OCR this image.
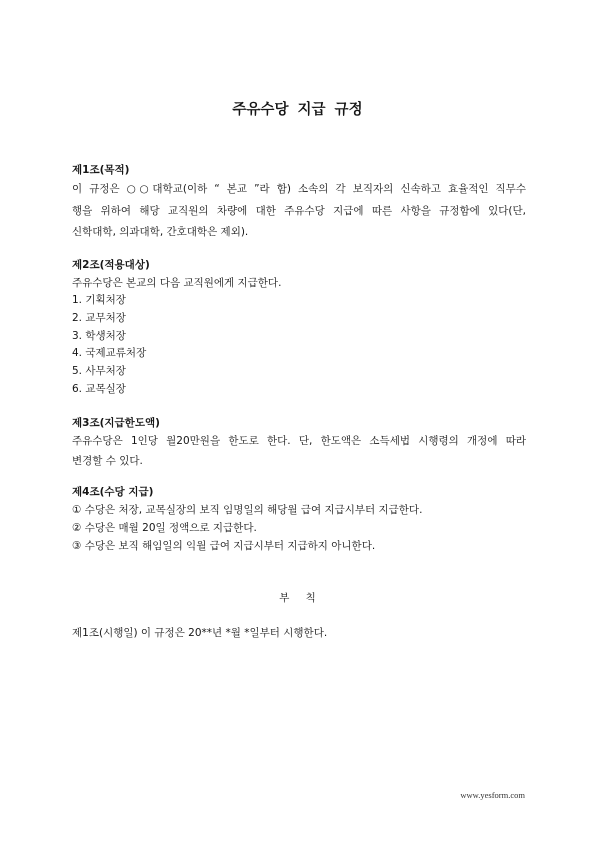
주유수당 지급 규정
제1조(목적)
이 규정은 ○○대학교(이하 “ 본교 ”라 함) 소속의 각 보직자의 신속하고 효율적인 직무수
행을 위하여 해당 교직원의 차량에 대한 주유수당 지급에 따른 사항을 규정함에 있다(단,
신학대학, 의과대학, 간호대학은 제외).
제2조(적용대상)
주유수당은 본교의 다음 교직원에게 지급한다.
1. 기획처장
2. 교무처장
3. 학생처장
4. 국제교류처장
5. 사무처장
6. 교목실장
제3조(지급한도액)
주유수당은 1인당 월20만원을 한도로 한다. 단, 한도액은 소득세법 시행령의 개정에 따라
변경할 수 있다.
제4조(수당 지급)
① 수당은 처장, 교목실장의 보직 임명일의 해당월 급여 지급시부터 지급한다.
② 수당은 매월 20일 정액으로 지급한다.
③ 수당은 보직 해임일의 익월 급여 지급시부터 지급하지 아니한다.
부 칙
제1조(시행일) 이 규정은 20**년 *월 *일부터 시행한다.
www.yesform.com
